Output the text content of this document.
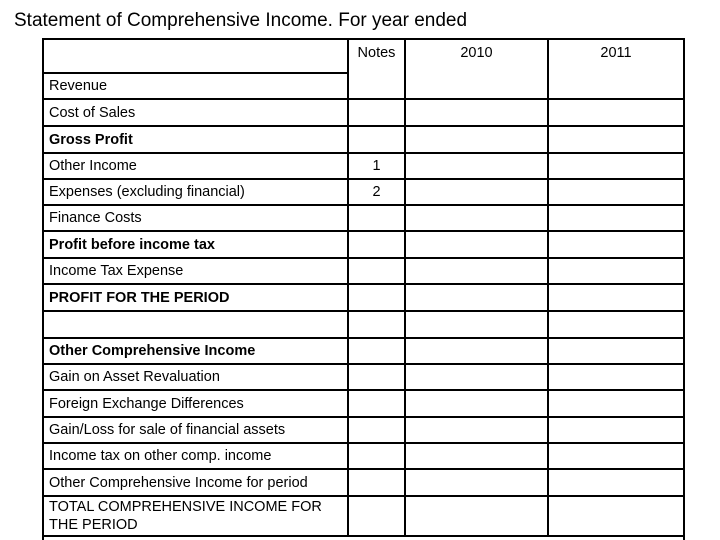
Statement of Comprehensive Income. For year ended
	Notes	2010	2011
Revenue			
Cost of Sales			
Gross Profit			
Other Income	1		
Expenses (excluding financial)	2		
Finance Costs			
Profit before income tax			
Income Tax Expense			
PROFIT FOR THE PERIOD			

Other Comprehensive Income			
Gain on Asset Revaluation			
Foreign Exchange Differences			
Gain/Loss for sale of financial assets			
Income tax on other comp. income			
Other Comprehensive Income for period			
TOTAL COMPREHENSIVE INCOME FOR THE PERIOD			
